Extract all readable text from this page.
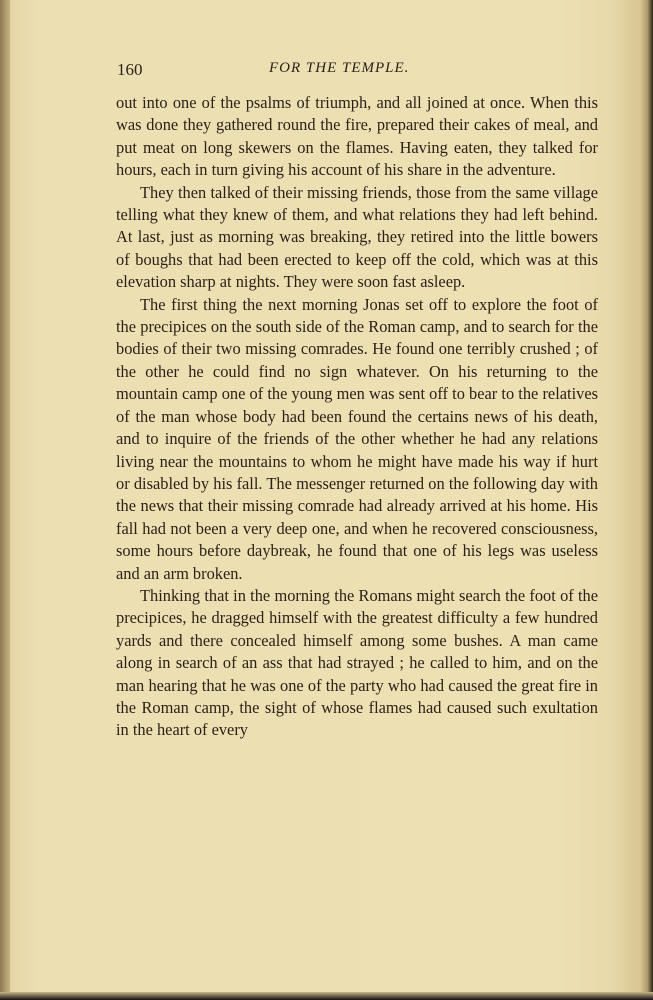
160	FOR THE TEMPLE.

out into one of the psalms of triumph, and all joined at once. When this was done they gathered round the fire, prepared their cakes of meal, and put meat on long skewers on the flames. Having eaten, they talked for hours, each in turn giving his account of his share in the adventure.

They then talked of their missing friends, those from the same village telling what they knew of them, and what relations they had left behind. At last, just as morning was breaking, they retired into the little bowers of boughs that had been erected to keep off the cold, which was at this elevation sharp at nights. They were soon fast asleep.

The first thing the next morning Jonas set off to explore the foot of the precipices on the south side of the Roman camp, and to search for the bodies of their two missing comrades. He found one terribly crushed ; of the other he could find no sign whatever. On his returning to the mountain camp one of the young men was sent off to bear to the relatives of the man whose body had been found the certains news of his death, and to inquire of the friends of the other whether he had any relations living near the mountains to whom he might have made his way if hurt or disabled by his fall. The messenger returned on the following day with the news that their missing comrade had already arrived at his home. His fall had not been a very deep one, and when he recovered consciousness, some hours before daybreak, he found that one of his legs was useless and an arm broken.

Thinking that in the morning the Romans might search the foot of the precipices, he dragged himself with the greatest difficulty a few hundred yards and there concealed himself among some bushes. A man came along in search of an ass that had strayed ; he called to him, and on the man hearing that he was one of the party who had caused the great fire in the Roman camp, the sight of whose flames had caused such exultation in the heart of every
